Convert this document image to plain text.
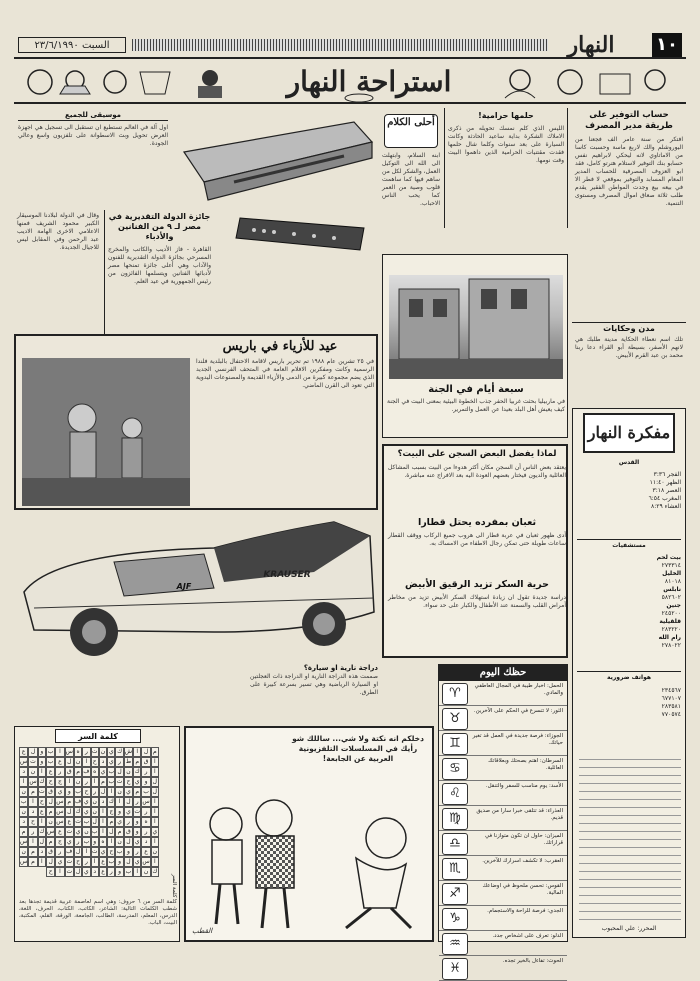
١٠
النهار
السبت ٢٣/٦/١٩٩٠
استراحة النهار
حساب التوفير على طريقة مدير المصرف
افتكر من سنة عامر الف فجعنا من اليوروشلم والك لاربع ماسة وحسبت كاسا من الاماتاوي لانه ليحكي لابراهيم نفس حسابو بنك التوفير لاستلام هترتو كامل، فقد ابو العزوف المصرفية للحساب المدير المعام المسابد والتوفير بموقعي لا فطر الا في بيعه بيع وجدت المواطن الفقير يقدم طلب ثلاثة صعاق اموال المصرف ومستوى التنمية.
مدن وحكايات
تلك اسم نعطاء الحكاية مدينة طلبك هي لانهم الأصفر، بسيطة أبو القراء دعا ربنا محمد بن عبد القرم الأبيض.
مفكرة النهار
القدس
الفجر ٣:٣٦
الظهر ١١:٤٠
العصر ٣:١٨
المغرب ٦:٥٤
العشاء ٨:٢٩
مستشفيات
بيت لحم
٢٧٣٣١٤
الخليل
٨١٠١٨
نابلس
٥٨٢٦٠٢
جنين
٢٤٥٢٠٠
قلقيلية
٢٨٣٢٢٠
رام الله
٢٧٨٠٢٢
هواتف ضرورية
٢٣٤٥٦٧
٦٧٧١٠٧
٢٨٣٥٨١
٧٧٠٥٧٤
المحرر: علي المحبوب
حلمها حرامية!
الليس الذي كلم نمسك تحويله من ذكرى الاملاك الشكرة بداية ساعيد الحادثة وكانت السيارة على بعد سنوات وكلما شال حلمها فقدت مقتنيات الحرامية الذين داهموا البيت وقت نومها.
أحلى الكلام
ابنه السلام، وابتهلت الى الله الى التوكيل العمل، والشكر لكل من ساهم فيها كما ساهمت قلوب وصية من العمر كما يحب الناس الاحباب.
موسيقى للجميع
اول آلة في العالم تستطيع ان تستقبل الى تسجيل هي اجهزة العرض تحويل وبث الاسطوانة على تلفزيون واسع وعالي الجودة.
جائزة الدولة التقديرية في مصر لـ ٩ من الفنانين والأدباء
القاهرة - فاز الأديب والكاتب والمخرج المسرحي بجائزة الدولة التقديرية للفنون والآداب وهي أعلى جائزة تمنحها مصر لأدبائها الفنانين ويتسلمها الفائزون من رئيس الجمهورية في عيد العلم.
وقال في الدولة لبلادنا الموسيقار الكبير محمود الشريف فمنها الاعلامي الاخرى الهامة الاديب عبد الرحمن وفي المقابل ليس للاجيال الجديدة.
سبعة أيام في الجنة
في ماربيليا بحثت غربيا الحفر جذب الخطوة البيئية بمعنى البيت في الجنة كيف يعيش أهل البلد بعيدا عن العمل والتمرير.
عيد للأزياء في باريس
في ٢٥ تشرين عام ١٩٨٨ تم تحرير باريس لاقامة الاحتفال بالبلدية فلندا الرسمية وكانت ومفكرين الافلام العامة في المتحف الفرنسي الجديد الذي يضم مجموعة كبيرة من الدمى والأزياء القديمة والمصنوعات اليدوية التي تعود الى القرن الماضي.
لماذا يفضل البعض السجن على البيت؟
يعتقد بعض الناس أن السجن مكان أكثر هدوءا من البيت بسبب المشاكل العائلية والديون فيختار بعضهم العودة اليه بعد الافراج عنه مباشرة.
ثعبان بمفرده يحتل قطارا
أدى ظهور ثعبان في عربة قطار الى هروب جميع الركاب ووقف القطار ساعات طويلة حتى تمكن رجال الاطفاء من الامساك به.
حرية السكر تزيد الرقيق الأبيض
دراسة جديدة تقول ان زيادة استهلاك السكر الأبيض تزيد من مخاطر أمراض القلب والسمنة عند الأطفال والكبار على حد سواء.
KRAUSER
AJF
دراجة نارية او سيارة؟
صممت هذه الدراجة النارية او الدراجة ذات العجلتين او السيارة الرياضية وهي تسير بسرعة كبيرة على الطرق.
حظك اليوم
الحمل: اخبار طيبة في المجال العاطفي والمادي.
♈
الثور: لا تتسرع في الحكم على الآخرين.
♉
الجوزاء: فرصة جديدة في العمل قد تغير حياتك.
♊
السرطان: اهتم بصحتك وبعلاقاتك العائلية.
♋
الأسد: يوم مناسب للسفر والتنقل.
♌
العذراء: قد تتلقى خبرا سارا من صديق قديم.
♍
الميزان: حاول ان تكون متوازنا في قراراتك.
♎
العقرب: لا تكشف اسرارك للآخرين.
♏
القوس: تحسن ملحوظ في اوضاعك المالية.
♐
الجدي: فرصة للراحة والاستجمام.
♑
الدلو: تعرف على اشخاص جدد.
♒
الحوت: تفاءل بالخير تجده.
♓
دخلكم انه نكتة ولا شي... ساللك شو رأيك في المسلسلات التلفزيونية العربية عن الجابعة!
القطب
كلمة السر
م
ل
ا
ش
ك
ي
ن
ت
ر
ه
س
ا
ب
و
ل
ع
ا
ق
م
ط
ر
ي
د
ح
ا
ن
ل
ع
ب
و
ت
س
ا
ر
ك
ن
ل
ب
ي
ه
ف
م
ق
ر
ع
ا
ن
د
ل
و
ي
ح
ت
ب
م
ا
ر
ن
ا
ج
ح
ك
س
ا
ل
ب
م
ي
ن
ا
ل
ر
ح
ب
و
ي
ق
ت
م
ن
ا
س
ر
ل
ا
ك
د
ن
ي
ف
م
س
ل
ح
ا
ب
ا
ر
ت
ي
و
ج
ا
ن
ي
ك
ل
س
م
ع
د
ن
ا
ه
و
ر
ي
م
ا
ل
ب
ت
ع
س
ن
ا
ح
د
ي
ر
و
ق
م
ل
ا
ب
ن
ي
ت
ع
س
ك
ر
م
ا
د
ي
ل
ن
ا
ه
و
ب
ر
ي
ج
م
ل
ا
س
ن
ع
ر
و
ب
ح
ي
ت
ا
ل
ف
ر
ق
د
م
ن
ا
س
ي
ل
و
ب
ع
ا
ر
ح
ت
ي
ل
ا
م
س
ك
ن
ا
ب
و
ر
ع
د
ي
ل
ت
ا
ح
كلمة السر
كلمة السر من ٦ حروف: وهي اسم لعاصمة عربية قديمة تجدها بعد شطب الكلمات التالية: الشاعر، الكاتب، الكتاب، الحرف، اللغة، الدرس، المعلم، المدرسة، الطالب، الجامعة، الورقة، القلم، المكتبة، البيت، الباب.
